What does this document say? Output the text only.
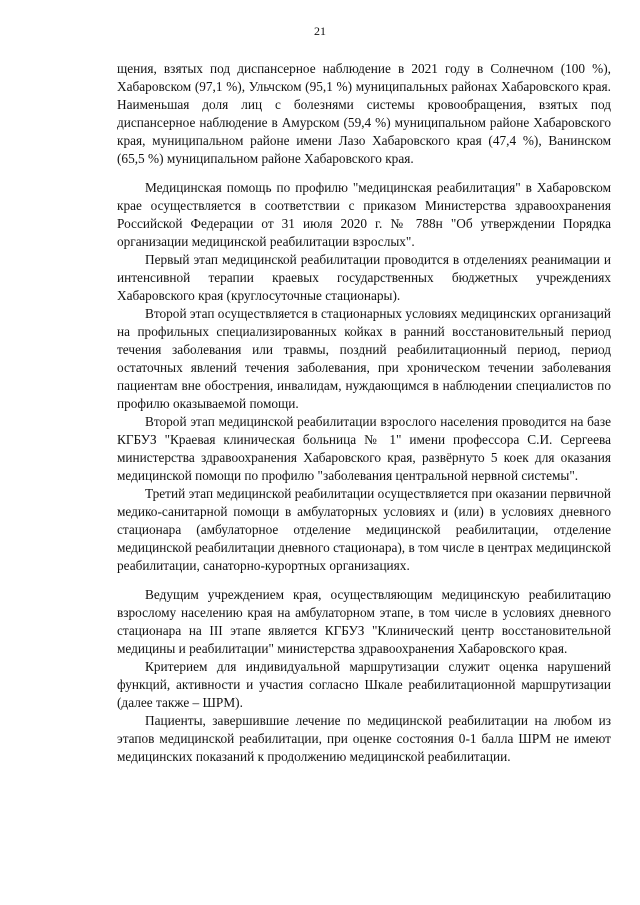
21

щения, взятых под диспансерное наблюдение в 2021 году в Солнечном (100 %), Хабаровском (97,1 %), Ульчском (95,1 %) муниципальных районах Хабаровского края. Наименьшая доля лиц с болезнями системы кровообращения, взятых под диспансерное наблюдение в Амурском (59,4 %) муниципальном районе Хабаровского края, муниципальном районе имени Лазо Хабаровского края (47,4 %), Ванинском (65,5 %) муниципальном районе Хабаровского края.

Медицинская помощь по профилю "медицинская реабилитация" в Хабаровском крае осуществляется в соответствии с приказом Министерства здравоохранения Российской Федерации от 31 июля 2020 г. № 788н "Об утверждении Порядка организации медицинской реабилитации взрослых".

Первый этап медицинской реабилитации проводится в отделениях реанимации и интенсивной терапии краевых государственных бюджетных учреждениях Хабаровского края (круглосуточные стационары).

Второй этап осуществляется в стационарных условиях медицинских организаций на профильных специализированных койках в ранний восстановительный период течения заболевания или травмы, поздний реабилитационный период, период остаточных явлений течения заболевания, при хроническом течении заболевания пациентам вне обострения, инвалидам, нуждающимся в наблюдении специалистов по профилю оказываемой помощи.

Второй этап медицинской реабилитации взрослого населения проводится на базе КГБУЗ "Краевая клиническая больница № 1" имени профессора С.И. Сергеева министерства здравоохранения Хабаровского края, развёрнуто 5 коек для оказания медицинской помощи по профилю "заболевания центральной нервной системы".

Третий этап медицинской реабилитации осуществляется при оказании первичной медико-санитарной помощи в амбулаторных условиях и (или) в условиях дневного стационара (амбулаторное отделение медицинской реабилитации, отделение медицинской реабилитации дневного стационара), в том числе в центрах медицинской реабилитации, санаторно-курортных организациях.

Ведущим учреждением края, осуществляющим медицинскую реабилитацию взрослому населению края на амбулаторном этапе, в том числе в условиях дневного стационара на III этапе является КГБУЗ "Клинический центр восстановительной медицины и реабилитации" министерства здравоохранения Хабаровского края.

Критерием для индивидуальной маршрутизации служит оценка нарушений функций, активности и участия согласно Шкале реабилитационной маршрутизации (далее также – ШРМ).

Пациенты, завершившие лечение по медицинской реабилитации на любом из этапов медицинской реабилитации, при оценке состояния 0-1 балла ШРМ не имеют медицинских показаний к продолжению медицинской реабилитации.
